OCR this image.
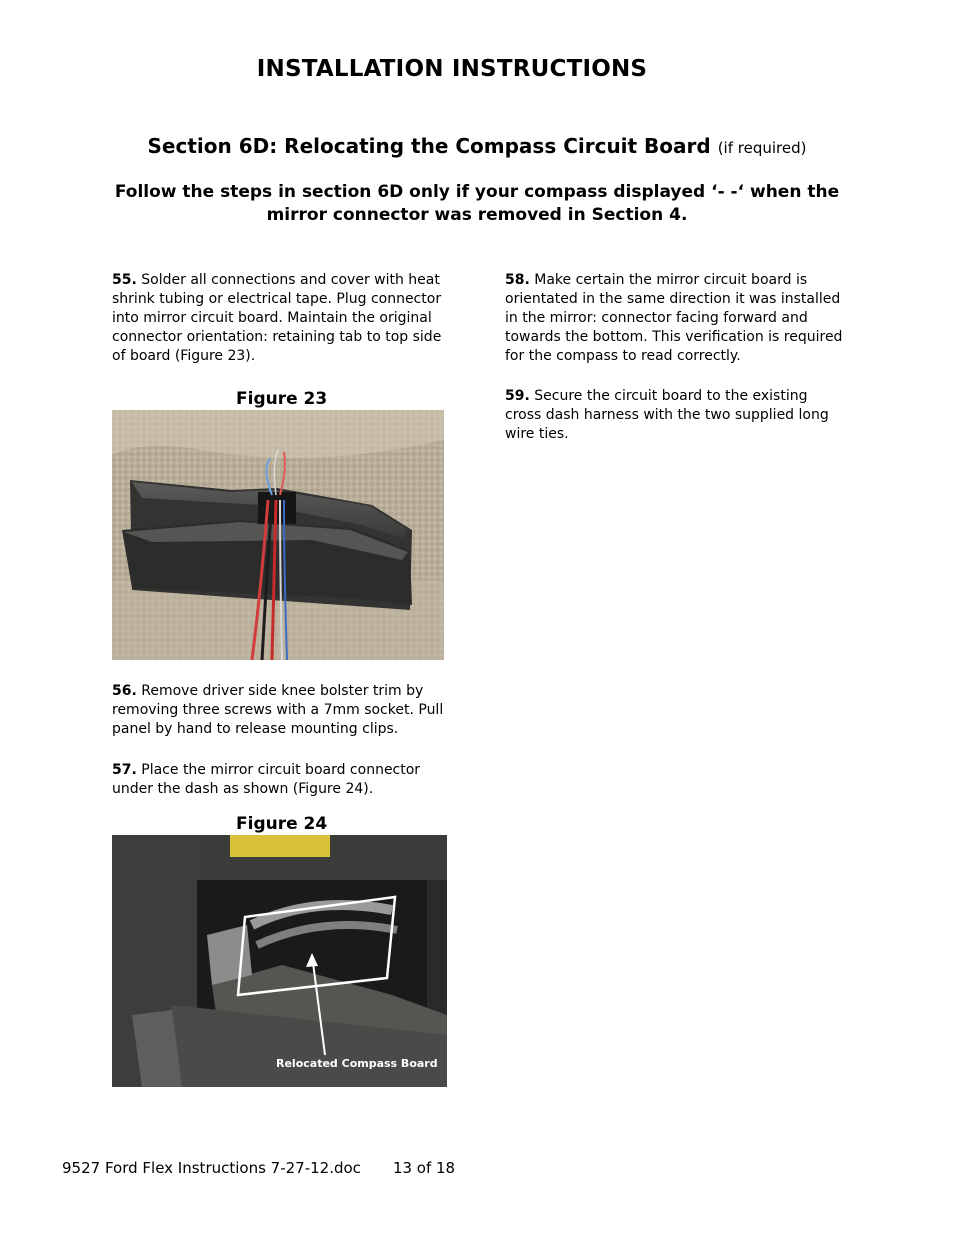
INSTALLATION INSTRUCTIONS
Section 6D: Relocating the Compass Circuit Board (if required)
Follow the steps in section 6D only if your compass displayed ‘- -‘ when the mirror connector was removed in Section 4.

55. Solder all connections and cover with heat shrink tubing or electrical tape. Plug connector into mirror circuit board. Maintain the original connector orientation: retaining tab to top side of board (Figure 23).

Figure 23

56. Remove driver side knee bolster trim by removing three screws with a 7mm socket. Pull panel by hand to release mounting clips.

57. Place the mirror circuit board connector under the dash as shown (Figure 24).

Figure 24
Relocated Compass Board

58. Make certain the mirror circuit board is orientated in the same direction it was installed in the mirror: connector facing forward and towards the bottom. This verification is required for the compass to read correctly.

59. Secure the circuit board to the existing cross dash harness with the two supplied long wire ties.

9527 Ford Flex Instructions 7-27-12.doc 13 of 18
